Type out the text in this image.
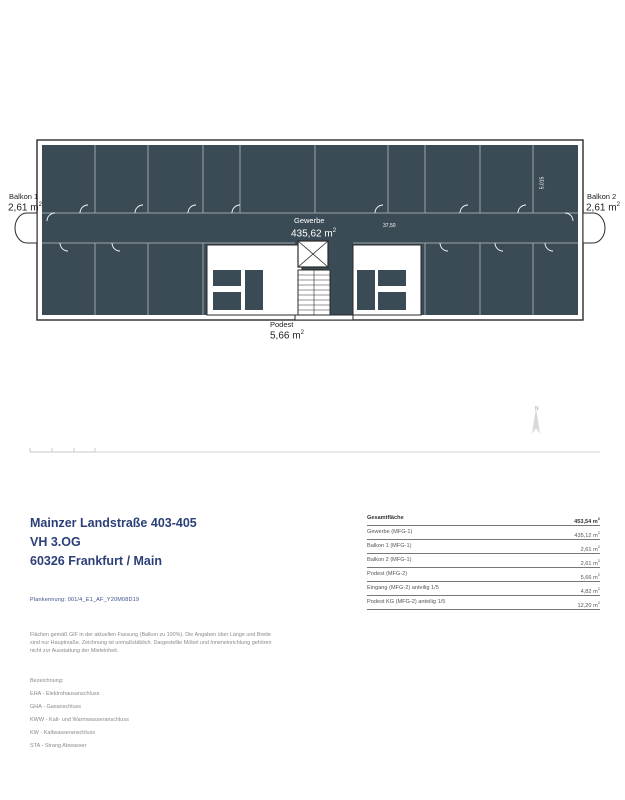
Balkon 1
2,61 $m^2$
Balkon 2
2,61 $m^2$
Gewerbe
435,62 $m^2$
37,50
5,015
Podest
5,66 $m^2$
N
Mainzer Landstraße 403-405
VH 3.OG
60326 Frankfurt / Main
Plankennung: 001/4_E1_AF_Y20M08D19
Flächen gemäß GIF in der aktuellen Fassung (Balkon zu 100%). Die Angaben über Länge und Breite sind nur Hauptmaße. Zeichnung ist unmaßstäblich. Dargestellte Möbel und Inneneinrichtung gehören nicht zur Ausstattung der Mieteinheit.
Bezeichnung:
EHA - Elektrohausanschluss
GHA - Gasanschluss
KWW - Kalt- und Warmwasseranschluss
KW - Kaltwasseranschluss
STA - Strang Abwasser
Gesamtfläche
453,54 $m^2$
Gewerbe (MFG-1)
435,12 $m^2$
Balkon 1 (MFG-1)
2,61 $m^2$
Balkon 2 (MFG-1)
2,61 $m^2$
Podest (MFG-2)
5,66 $m^2$
Eingang (MFG-2) anteilig 1/5
4,82 $m^2$
Podest KG (MFG-2) anteilig 1/5
12,20 $m^2$
